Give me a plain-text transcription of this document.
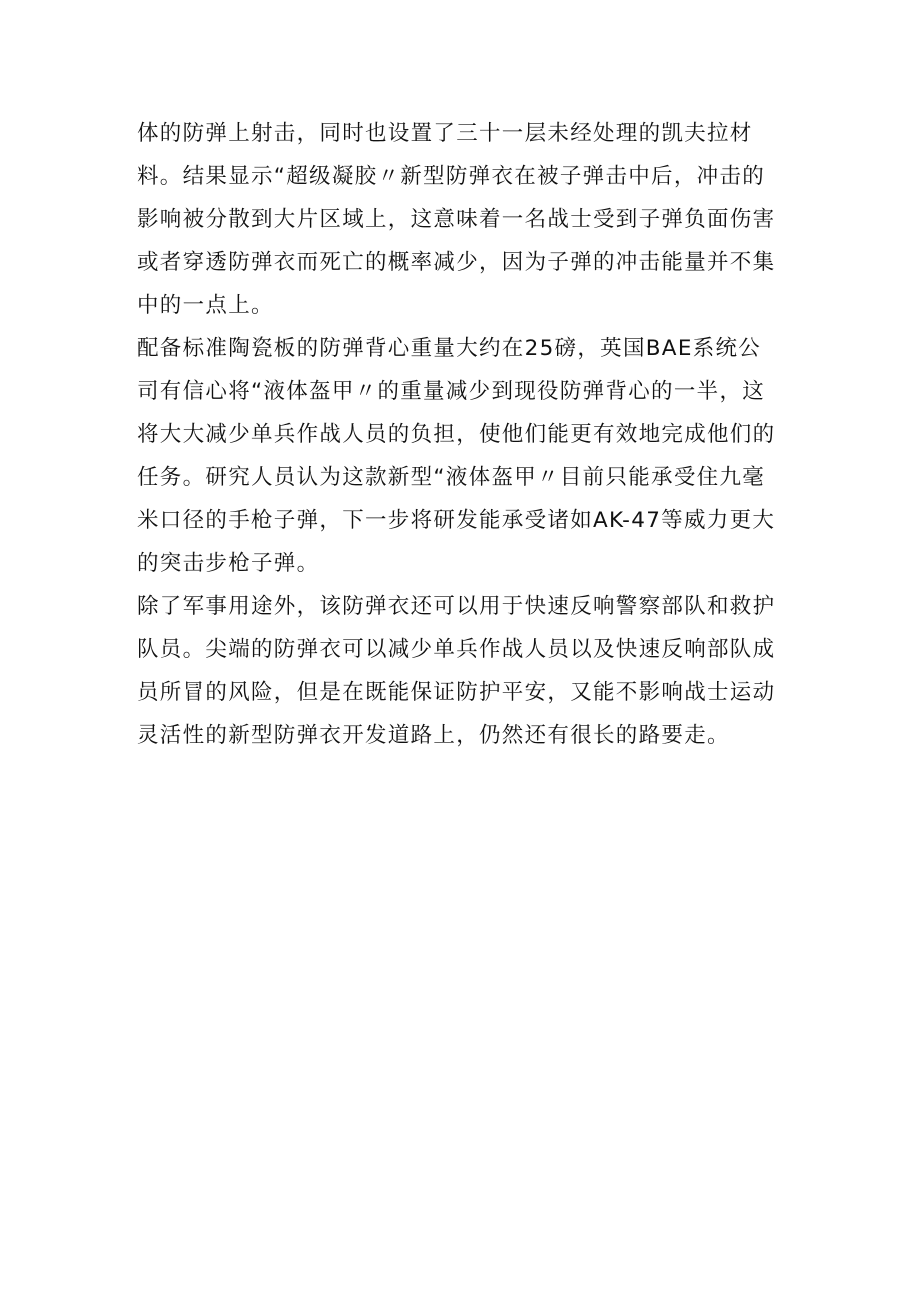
体的防弹上射击，同时也设置了三十一层未经处理的凯夫拉材
料。结果显示“超级凝胶〃新型防弹衣在被子弹击中后，冲击的
影响被分散到大片区域上，这意味着一名战士受到子弹负面伤害
或者穿透防弹衣而死亡的概率减少，因为子弹的冲击能量并不集
中的一点上。
配备标准陶瓷板的防弹背心重量大约在25磅，英国BAE系统公
司有信心将“液体盔甲〃的重量减少到现役防弹背心的一半，这
将大大减少单兵作战人员的负担，使他们能更有效地完成他们的
任务。研究人员认为这款新型“液体盔甲〃目前只能承受住九毫
米口径的手枪子弹，下一步将研发能承受诸如AK-47等威力更大
的突击步枪子弹。
除了军事用途外，该防弹衣还可以用于快速反响警察部队和救护
队员。尖端的防弹衣可以减少单兵作战人员以及快速反响部队成
员所冒的风险，但是在既能保证防护平安，又能不影响战士运动
灵活性的新型防弹衣开发道路上，仍然还有很长的路要走。
